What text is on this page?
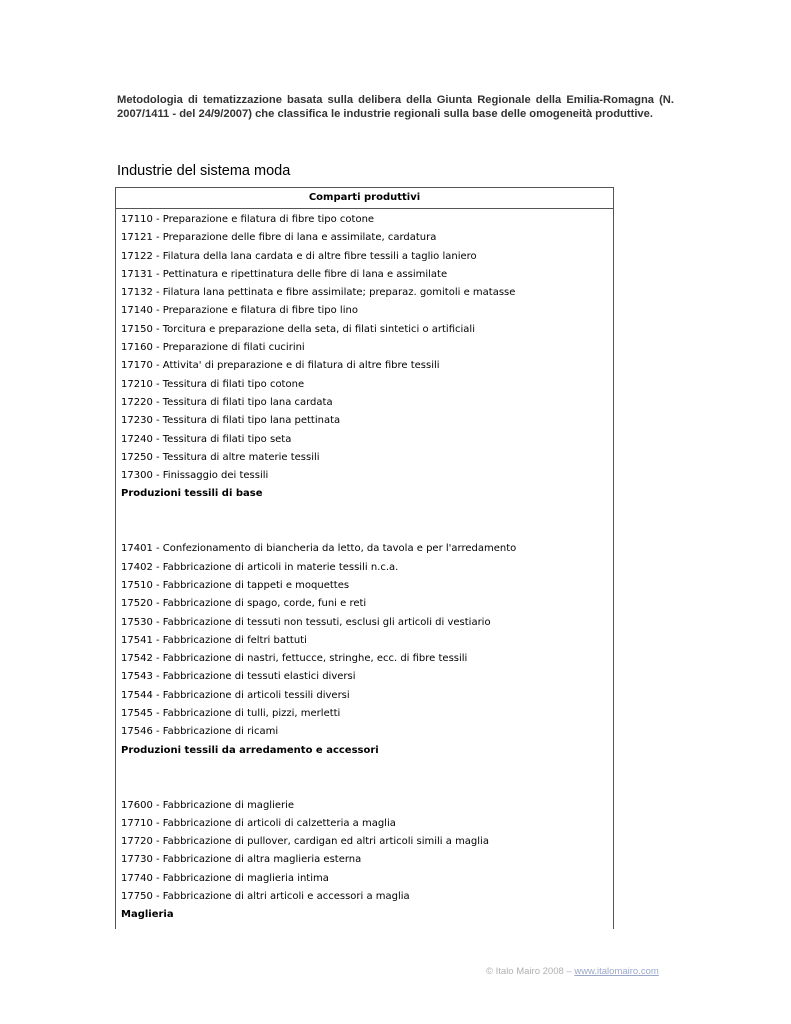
Metodologia di tematizzazione basata sulla delibera della Giunta Regionale della Emilia-Romagna (N. 2007/1411 - del 24/9/2007) che classifica le industrie regionali sulla base delle omogeneità produttive.
Industrie del sistema moda
Comparti produttivi
17110 - Preparazione e filatura di fibre tipo cotone
17121 - Preparazione delle fibre di lana e assimilate, cardatura
17122 - Filatura della lana cardata e di altre fibre tessili a taglio laniero
17131 - Pettinatura e ripettinatura delle fibre di lana e assimilate
17132 - Filatura lana pettinata e fibre assimilate; preparaz. gomitoli e matasse
17140 - Preparazione e filatura di fibre tipo lino
17150 - Torcitura e preparazione della seta, di filati sintetici o artificiali
17160 - Preparazione di filati cucirini
17170 - Attivita' di preparazione e di filatura di altre fibre tessili
17210 - Tessitura di filati tipo cotone
17220 - Tessitura di filati tipo lana cardata
17230 - Tessitura di filati tipo lana pettinata
17240 - Tessitura di filati tipo seta
17250 - Tessitura di altre materie tessili
17300 - Finissaggio dei tessili
Produzioni tessili di base
17401 - Confezionamento di biancheria da letto, da tavola e per l'arredamento
17402 - Fabbricazione di articoli in materie tessili n.c.a.
17510 - Fabbricazione di tappeti e moquettes
17520 - Fabbricazione di spago, corde, funi e reti
17530 - Fabbricazione di tessuti non tessuti, esclusi gli articoli di vestiario
17541 - Fabbricazione di feltri battuti
17542 - Fabbricazione di nastri, fettucce, stringhe, ecc. di fibre tessili
17543 - Fabbricazione di tessuti elastici diversi
17544 - Fabbricazione di articoli tessili diversi
17545 - Fabbricazione di tulli, pizzi, merletti
17546 - Fabbricazione di ricami
Produzioni tessili da arredamento e accessori
17600 - Fabbricazione di maglierie
17710 - Fabbricazione di articoli di calzetteria a maglia
17720 - Fabbricazione di pullover, cardigan ed altri articoli simili a maglia
17730 - Fabbricazione di altra maglieria esterna
17740 - Fabbricazione di maglieria intima
17750 - Fabbricazione di altri articoli e accessori a maglia
Maglieria
© Italo Mairo 2008 – www.italomairo.com
